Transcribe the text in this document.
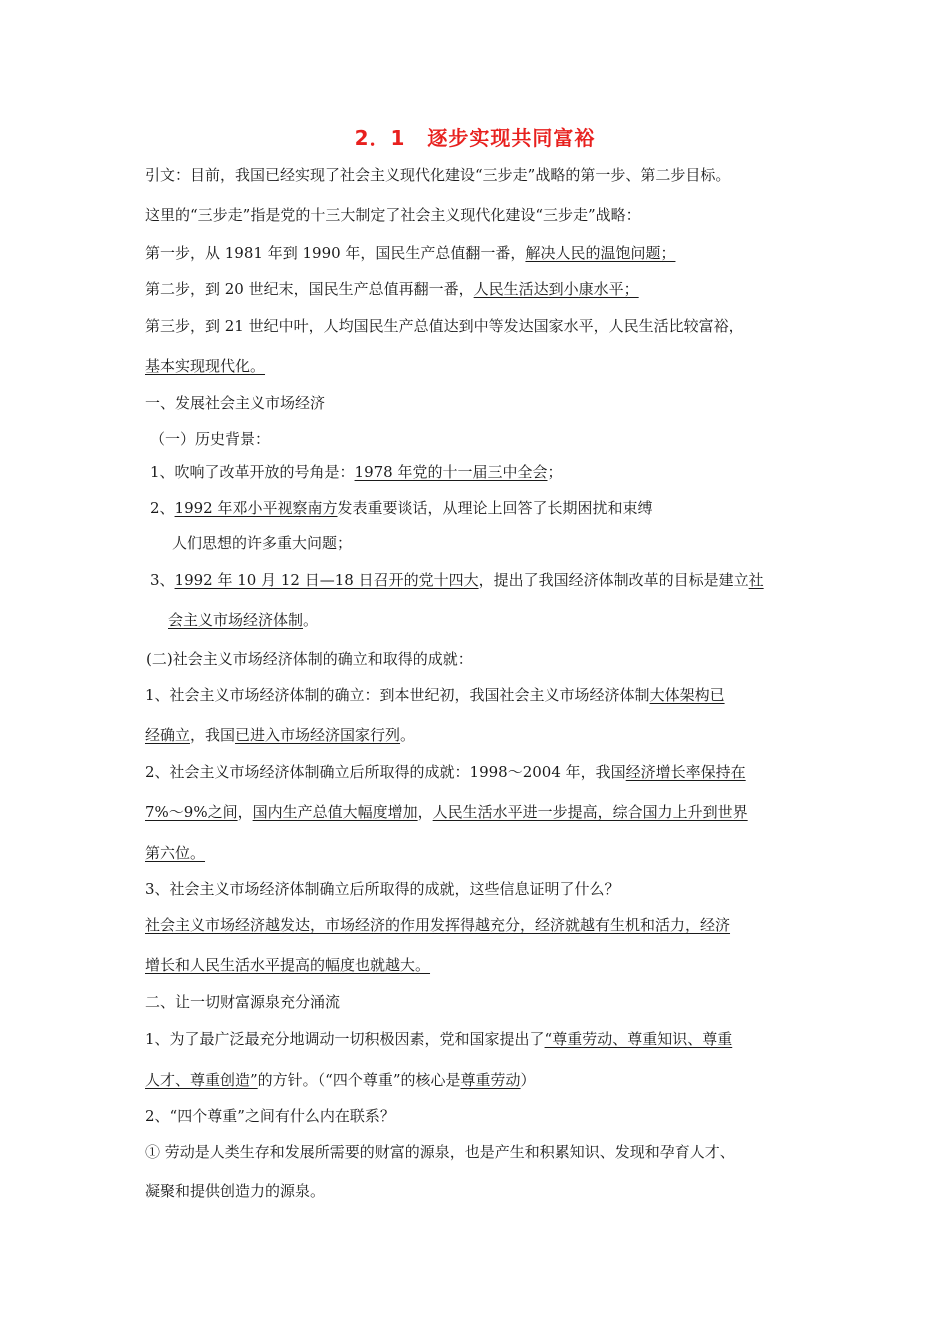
2．1 逐步实现共同富裕
引文：目前，我国已经实现了社会主义现代化建设“三步走”战略的第一步、第二步目标。
这里的“三步走”指是党的十三大制定了社会主义现代化建设“三步走”战略：
第一步，从 1981 年到 1990 年，国民生产总值翻一番，解决人民的温饱问题；
第二步，到 20 世纪末，国民生产总值再翻一番，人民生活达到小康水平；
第三步，到 21 世纪中叶，人均国民生产总值达到中等发达国家水平，人民生活比较富裕，
基本实现现代化。
一、发展社会主义市场经济
（一）历史背景：
1、吹响了改革开放的号角是：1978 年党的十一届三中全会；
2、1992 年邓小平视察南方发表重要谈话，从理论上回答了长期困扰和束缚
人们思想的许多重大问题；
3、1992 年 10 月 12 日—18 日召开的党十四大，提出了我国经济体制改革的目标是建立社
会主义市场经济体制。
(二)社会主义市场经济体制的确立和取得的成就：
1、社会主义市场经济体制的确立：到本世纪初，我国社会主义市场经济体制大体架构已
经确立，我国已进入市场经济国家行列。
2、社会主义市场经济体制确立后所取得的成就：1998～2004 年，我国经济增长率保持在
7%～9%之间，国内生产总值大幅度增加，人民生活水平进一步提高，综合国力上升到世界
第六位。
3、社会主义市场经济体制确立后所取得的成就，这些信息证明了什么？
社会主义市场经济越发达，市场经济的作用发挥得越充分，经济就越有生机和活力，经济
增长和人民生活水平提高的幅度也就越大。
二、让一切财富源泉充分涌流
1、为了最广泛最充分地调动一切积极因素，党和国家提出了“尊重劳动、尊重知识、尊重
人才、尊重创造”的方针。（“四个尊重”的核心是尊重劳动）
2、“四个尊重”之间有什么内在联系？
① 劳动是人类生存和发展所需要的财富的源泉，也是产生和积累知识、发现和孕育人才、
凝聚和提供创造力的源泉。
